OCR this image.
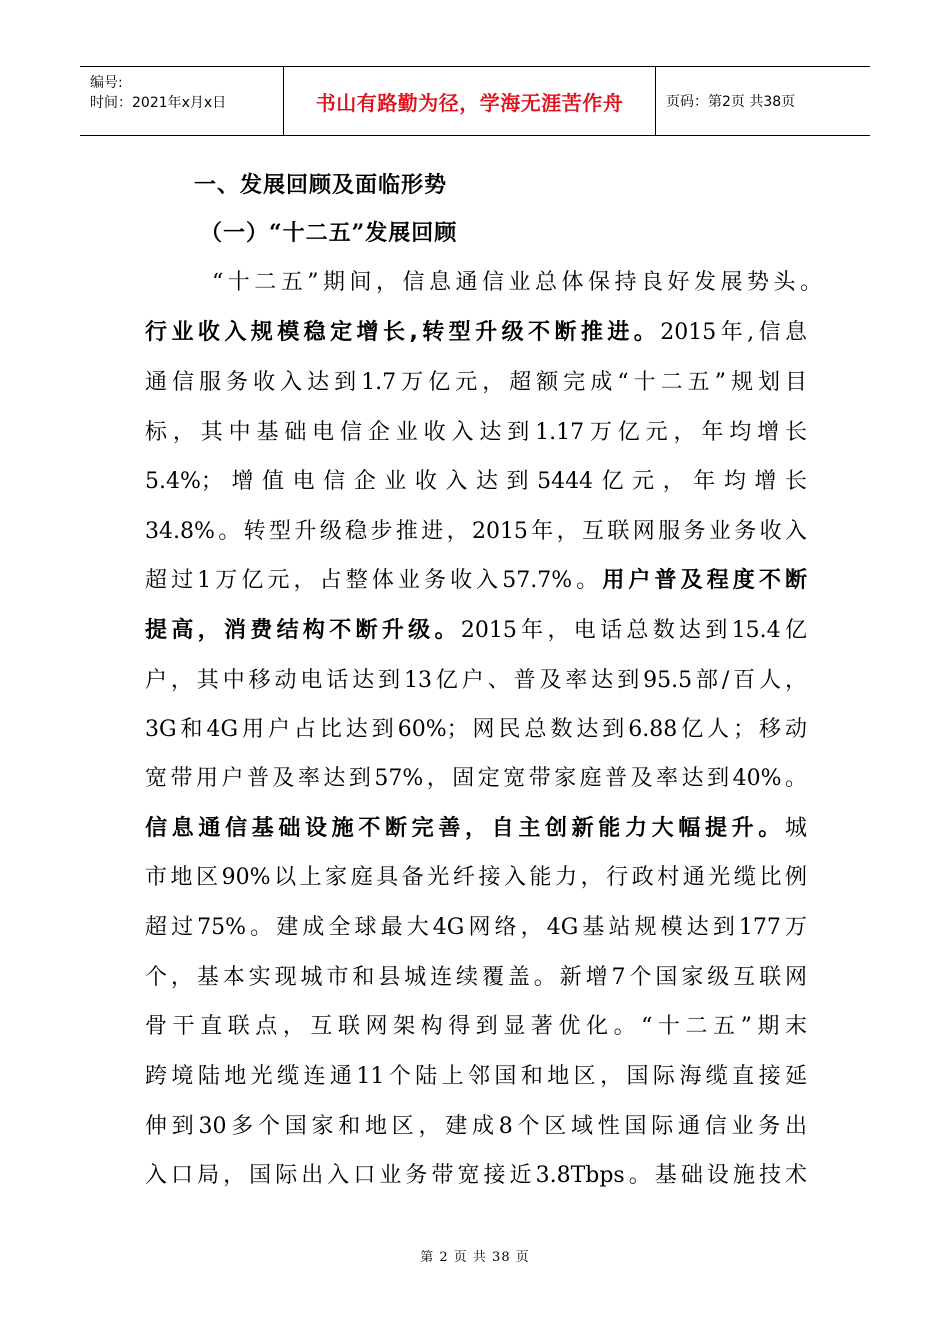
编号:
时间：2021年x月x日	书山有路勤为径，学海无涯苦作舟	页码：第2页 共38页
一、发展回顾及面临形势
（一）“十二五”发展回顾
“十二五”期间，信息通信业总体保持良好发展势头。
行业收入规模稳定增长,转型升级不断推进。2015年,信息
通信服务收入达到1.7万亿元，超额完成“十二五”规划目
标，其中基础电信企业收入达到1.17万亿元，年均增长
5.4%；增值电信企业收入达到5444亿元，年均增长
34.8%。转型升级稳步推进，2015年，互联网服务业务收入
超过1万亿元，占整体业务收入57.7%。用户普及程度不断
提高，消费结构不断升级。2015年，电话总数达到15.4亿
户，其中移动电话达到13亿户、普及率达到95.5部/百人，
3G和4G用户占比达到60%；网民总数达到6.88亿人；移动
宽带用户普及率达到57%，固定宽带家庭普及率达到40%。
信息通信基础设施不断完善，自主创新能力大幅提升。城
市地区90%以上家庭具备光纤接入能力，行政村通光缆比例
超过75%。建成全球最大4G网络，4G基站规模达到177万
个，基本实现城市和县城连续覆盖。新增7个国家级互联网
骨干直联点，互联网架构得到显著优化。“十二五”期末
跨境陆地光缆连通11个陆上邻国和地区，国际海缆直接延
伸到30多个国家和地区，建成8个区域性国际通信业务出
入口局，国际出入口业务带宽接近3.8Tbps。基础设施技术
第 2 页 共 38 页
